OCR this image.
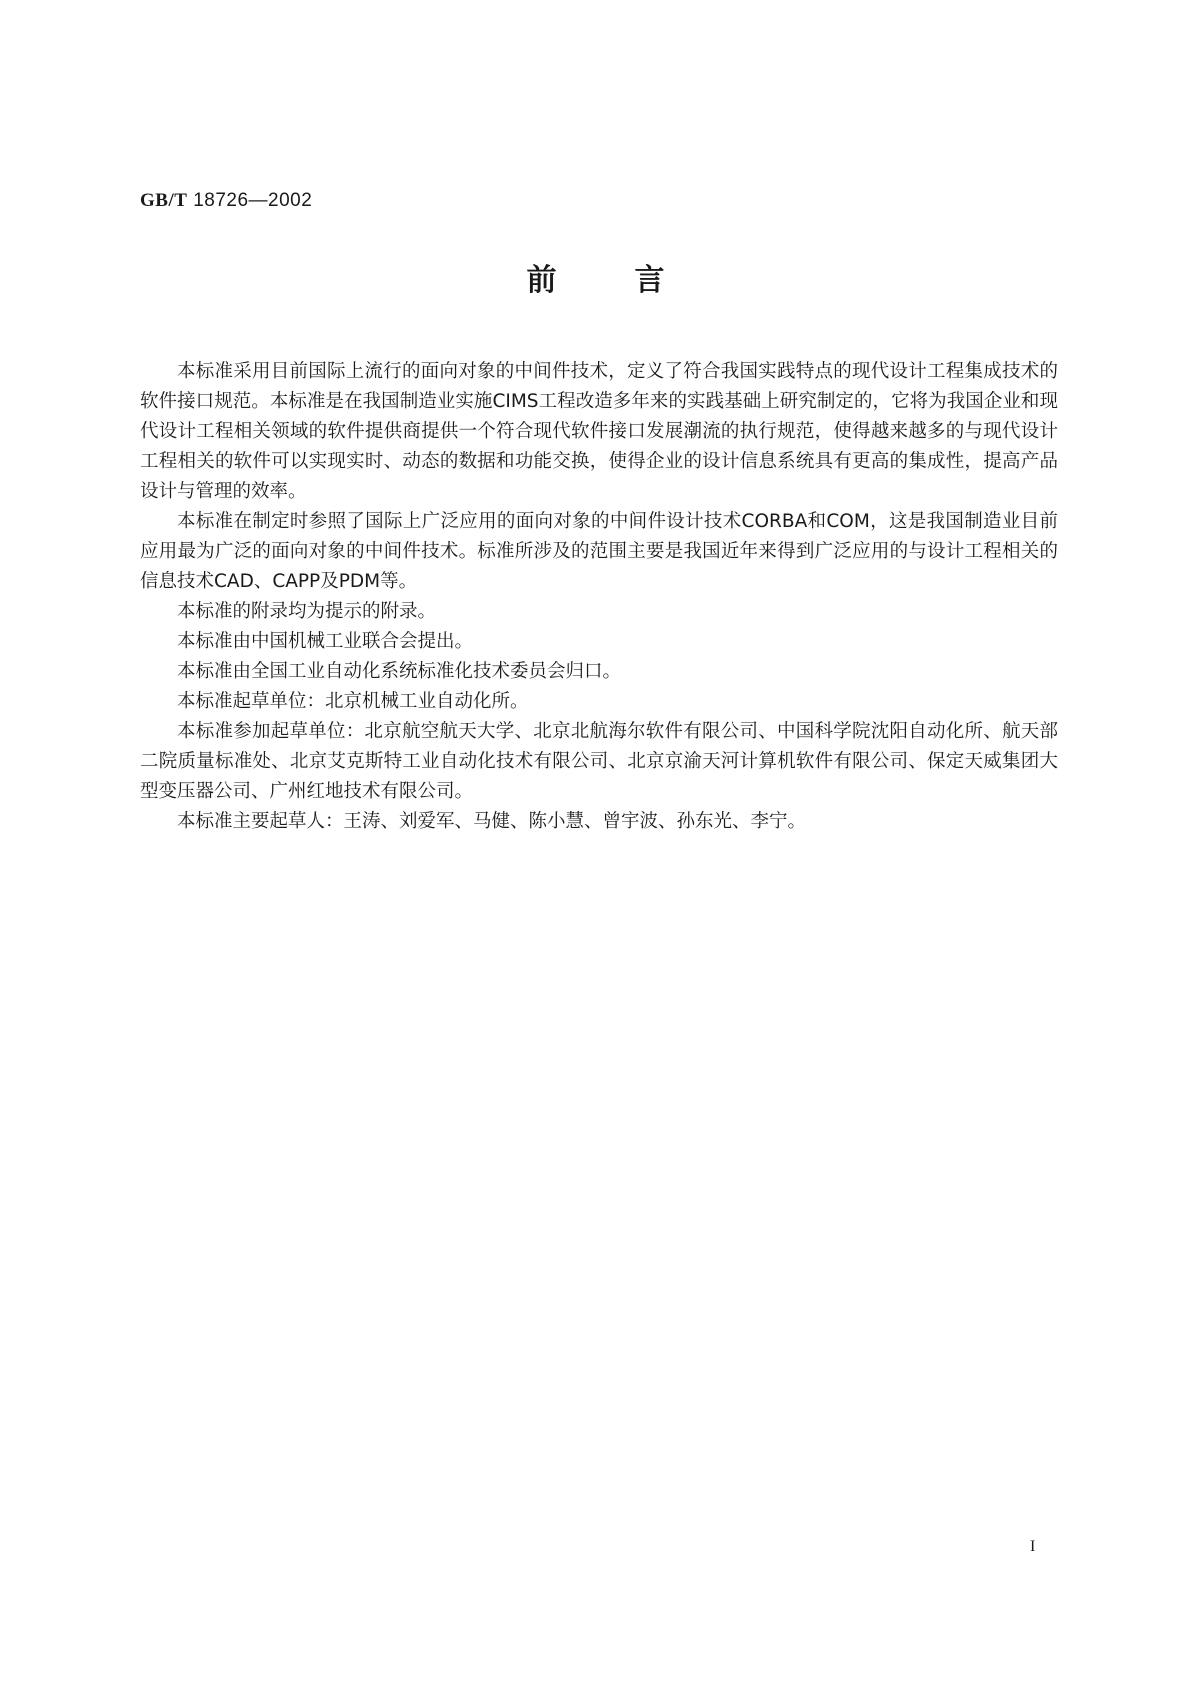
GB/T 18726—2002
前言

本标准采用目前国际上流行的面向对象的中间件技术，定义了符合我国实践特点的现代设计工程集成技术的软件接口规范。本标准是在我国制造业实施CIMS工程改造多年来的实践基础上研究制定的，它将为我国企业和现代设计工程相关领域的软件提供商提供一个符合现代软件接口发展潮流的执行规范，使得越来越多的与现代设计工程相关的软件可以实现实时、动态的数据和功能交换，使得企业的设计信息系统具有更高的集成性，提高产品设计与管理的效率。

本标准在制定时参照了国际上广泛应用的面向对象的中间件设计技术CORBA和COM，这是我国制造业目前应用最为广泛的面向对象的中间件技术。标准所涉及的范围主要是我国近年来得到广泛应用的与设计工程相关的信息技术CAD、CAPP及PDM等。

本标准的附录均为提示的附录。

本标准由中国机械工业联合会提出。

本标准由全国工业自动化系统标准化技术委员会归口。

本标准起草单位：北京机械工业自动化所。

本标准参加起草单位：北京航空航天大学、北京北航海尔软件有限公司、中国科学院沈阳自动化所、航天部二院质量标准处、北京艾克斯特工业自动化技术有限公司、北京京渝天河计算机软件有限公司、保定天威集团大型变压器公司、广州红地技术有限公司。

本标准主要起草人：王涛、刘爱军、马健、陈小慧、曾宇波、孙东光、李宁。

I
